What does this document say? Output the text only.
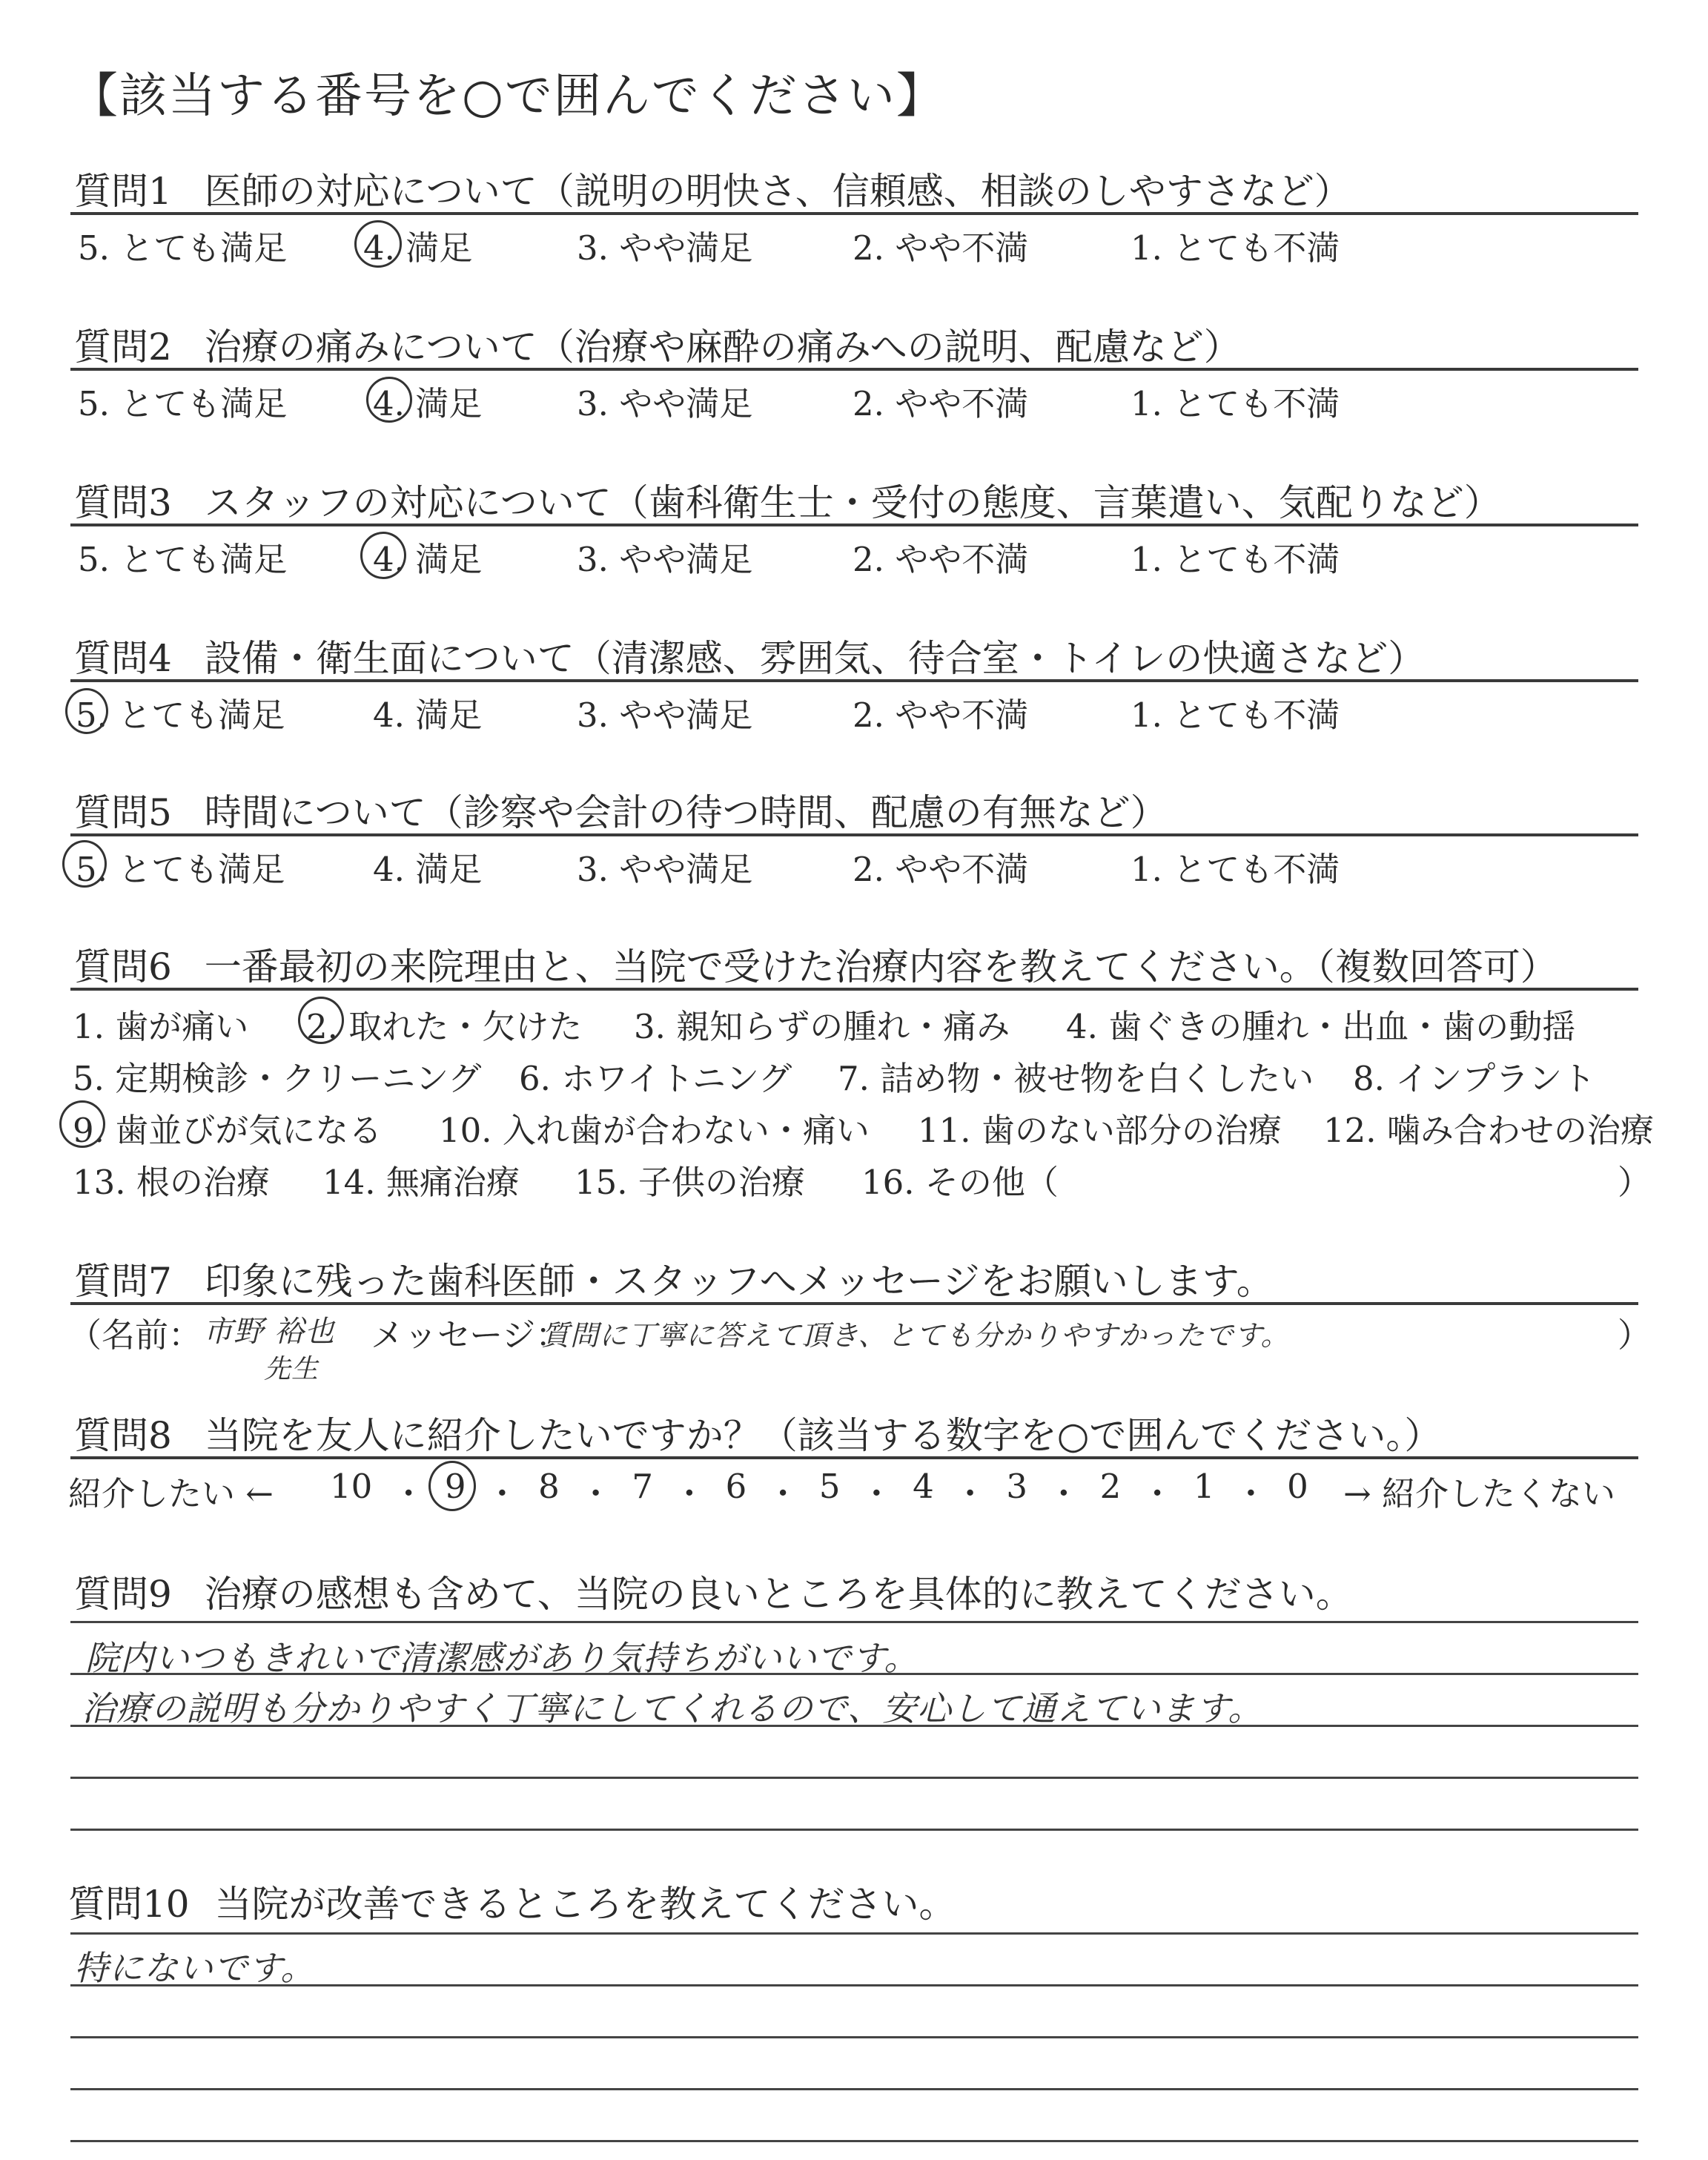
【該当する番号を○で囲んでください】
質問1 医師の対応について（説明の明快さ、信頼感、相談のしやすさなど）
5. とても満足 4. 満足	3. やや満足	2. やや不満	1. とても不満
質問2 治療の痛みについて（治療や麻酔の痛みへの説明、配慮など）
5. とても満足	4. 満足	3. やや満足	2. やや不満	1. とても不満
質問3 スタッフの対応について（歯科衛生士・受付の態度、言葉遣い、気配りなど）
5. とても満足	4. 満足	3. やや満足	2. やや不満	1. とても不満
質問4 設備・衛生面について（清潔感、雰囲気、待合室・トイレの快適さなど）
5. とても満足	4. 満足	3. やや満足	2. やや不満	1. とても不満
質問5 時間について（診察や会計の待つ時間、配慮の有無など）
5. とても満足	4. 満足	3. やや満足	2. やや不満	1. とても不満
質問6 一番最初の来院理由と、当院で受けた治療内容を教えてください。（複数回答可）
1. 歯が痛い 2. 取れた・欠けた 3. 親知らずの腫れ・痛み 4. 歯ぐきの腫れ・出血・歯の動揺
5. 定期検診・クリーニング 6. ホワイトニング 7. 詰め物・被せ物を白くしたい 8. インプラント
9. 歯並びが気になる 10. 入れ歯が合わない・痛い 11. 歯のない部分の治療 12. 噛み合わせの治療
13. 根の治療 14. 無痛治療 15. 子供の治療 16. その他（	）
質問7 印象に残った歯科医師・スタッフへメッセージをお願いします。
（名前： 市野 裕也
先生
メッセージ：
質問に丁寧に答えて頂き、とても分かりやすかったです。	）
質問8 当院を友人に紹介したいですか？（該当する数字を○で囲んでください。）
紹介したい ← 10 ・ 9 ・ 8 ・ 7 ・ 6 ・ 5 ・ 4 ・ 3 ・ 2 ・ 1 ・ 0 → 紹介したくない
質問9 治療の感想も含めて、当院の良いところを具体的に教えてください。
院内いつもきれいで清潔感があり気持ちがいいです。
治療の説明も分かりやすく丁寧にしてくれるので、安心して通えています。
質問10 当院が改善できるところを教えてください。
特にないです。
